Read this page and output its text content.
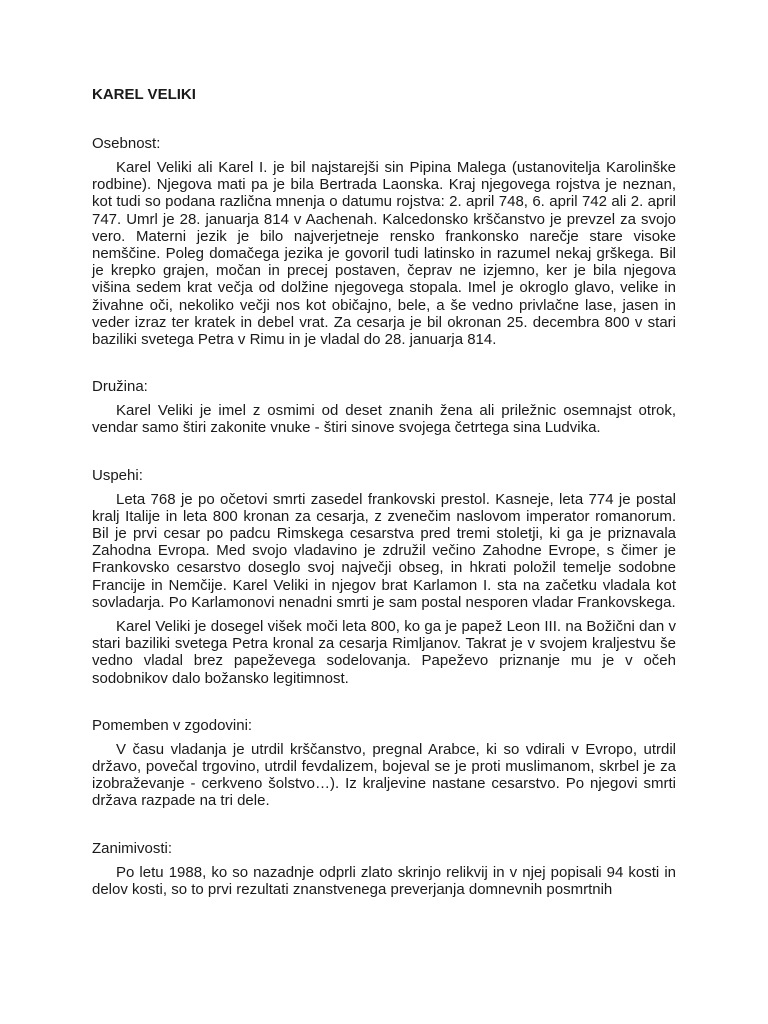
KAREL VELIKI
Osebnost:

Karel Veliki ali Karel I. je bil najstarejši sin Pipina Malega (ustanovitelja Karolinške rodbine). Njegova mati pa je bila Bertrada Laonska. Kraj njegovega rojstva je neznan, kot tudi so podana različna mnenja o datumu rojstva: 2. april 748, 6. april 742 ali 2. april 747. Umrl je 28. januarja 814 v Aachenah. Kalcedonsko krščanstvo je prevzel za svojo vero. Materni jezik je bilo najverjetneje rensko frankonsko narečje stare visoke nemščine. Poleg domačega jezika je govoril tudi latinsko in razumel nekaj grškega. Bil je krepko grajen, močan in precej postaven, čeprav ne izjemno, ker je bila njegova višina sedem krat večja od dolžine njegovega stopala. Imel je okroglo glavo, velike in živahne oči, nekoliko večji nos kot običajno, bele, a še vedno privlačne lase, jasen in veder izraz ter kratek in debel vrat. Za cesarja je bil okronan 25. decembra 800 v stari baziliki svetega Petra v Rimu in je vladal do 28. januarja 814.

Družina:

Karel Veliki je imel z osmimi od deset znanih žena ali priležnic osemnajst otrok, vendar samo štiri zakonite vnuke - štiri sinove svojega četrtega sina Ludvika.

Uspehi:

Leta 768 je po očetovi smrti zasedel frankovski prestol. Kasneje, leta 774 je postal kralj Italije in leta 800 kronan za cesarja, z zvenečim naslovom imperator romanorum. Bil je prvi cesar po padcu Rimskega cesarstva pred tremi stoletji, ki ga je priznavala Zahodna Evropa. Med svojo vladavino je združil večino Zahodne Evrope, s čimer je Frankovsko cesarstvo doseglo svoj največji obseg, in hkrati položil temelje sodobne Francije in Nemčije. Karel Veliki in njegov brat Karlamon I. sta na začetku vladala kot sovladarja. Po Karlamonovi nenadni smrti je sam postal nesporen vladar Frankovskega.

Karel Veliki je dosegel višek moči leta 800, ko ga je papež Leon III. na Božični dan v stari baziliki svetega Petra kronal za cesarja Rimljanov. Takrat je v svojem kraljestvu še vedno vladal brez papeževega sodelovanja. Papeževo priznanje mu je v očeh sodobnikov dalo božansko legitimnost.

Pomemben v zgodovini:

V času vladanja je utrdil krščanstvo, pregnal Arabce, ki so vdirali v Evropo, utrdil državo, povečal trgovino, utrdil fevdalizem, bojeval se je proti muslimanom, skrbel je za izobraževanje - cerkveno šolstvo…). Iz kraljevine nastane cesarstvo. Po njegovi smrti država razpade na tri dele.

Zanimivosti:

Po letu 1988, ko so nazadnje odprli zlato skrinjo relikvij in v njej popisali 94 kosti in delov kosti, so to prvi rezultati znanstvenega preverjanja domnevnih posmrtnih
